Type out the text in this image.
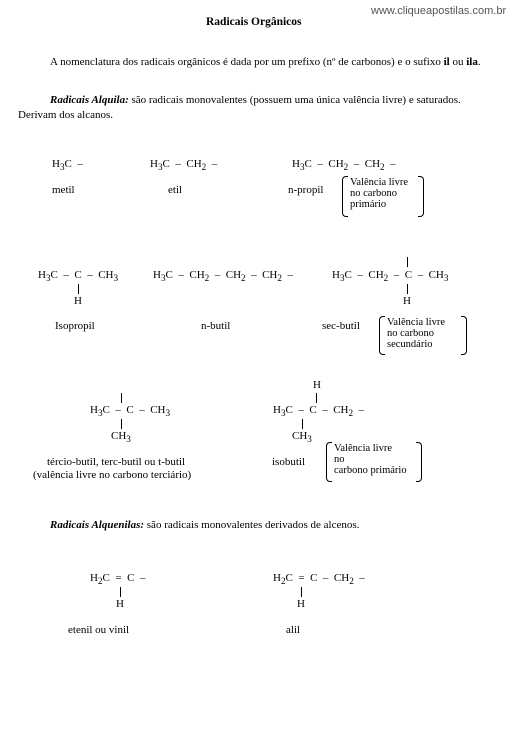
www.cliqueapostilas.com.br
Radicais Orgânicos
A nomenclatura dos radicais orgânicos é dada por um prefixo (nº de carbonos) e o sufixo il ou ila.
Radicais Alquila: são radicais monovalentes (possuem uma única valência livre) e saturados.
Derivam dos alcanos.
$H_3C$  –
metil
$H_3C - CH_2$  –
etil
$H_3C - CH_2 - CH_2$  –
n-propil
Valência livre
no carbono
primário
$H_3C$  –  C  –  $CH_3$
H
Isopropil
$H_3C - CH_2 - CH_2 - CH_2$  –
n-butil
$H_3C - CH_2$  –  C  –  $CH_3$
H
sec-butil	Valência livre
no carbono
secundário
$H_3C$  –  C  –  $CH_3$
$CH_3$
tércio-butil, terc-butil ou t-butil
(valência livre no carbono terciário)
H
$H_3C$  –  C  –  $CH_2$  –
$CH_3$
isobutil
Valência livre
no
carbono primário
Radicais Alquenilas: são radicais monovalentes derivados de alcenos.
$H_2C = C$  –
H
etenil ou vinil
$H_2C = C - CH_2$  –
H
alil
